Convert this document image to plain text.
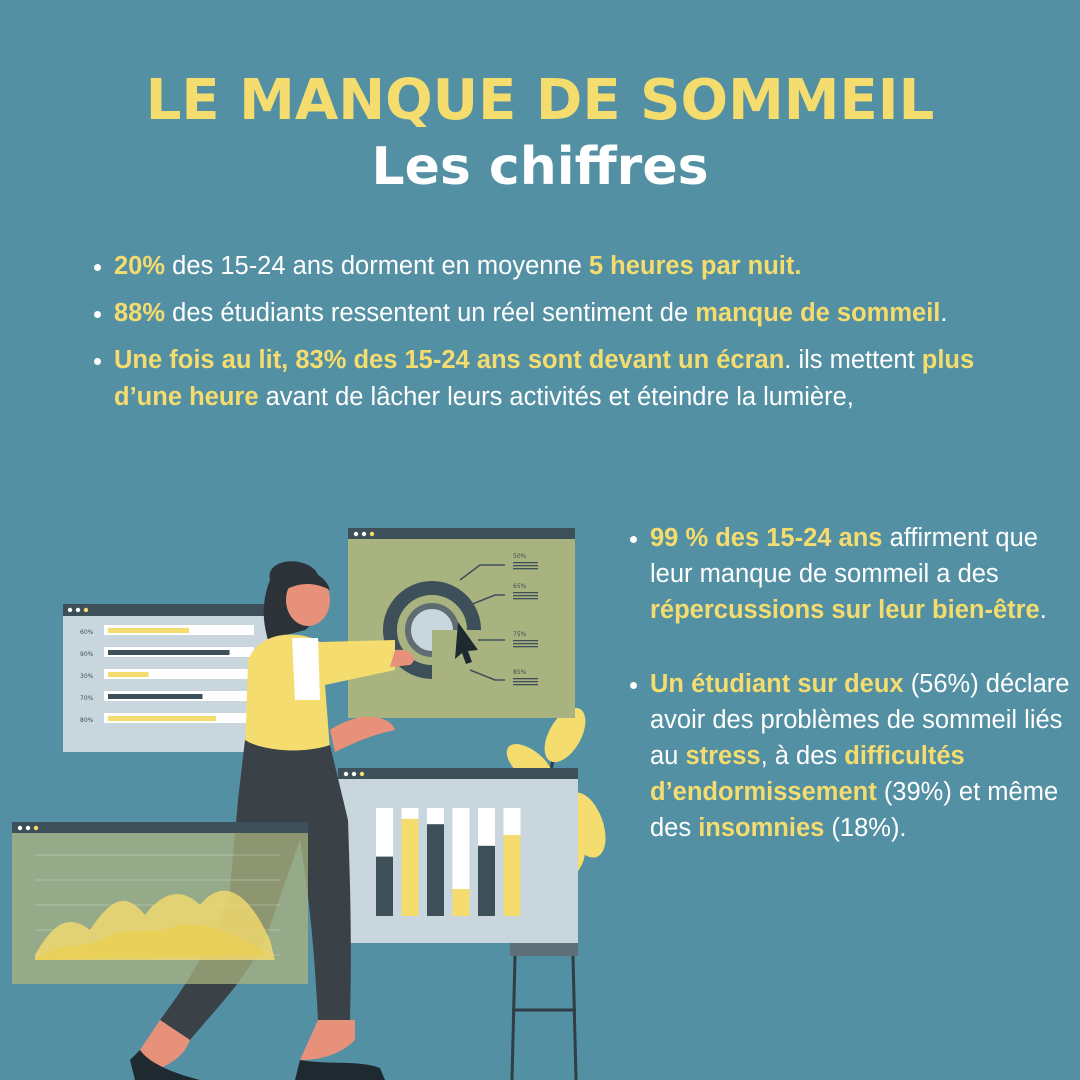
LE MANQUE DE SOMMEIL
Les chiffres
• 20% des 15-24 ans dorment en moyenne 5 heures par nuit.
• 88% des étudiants ressentent un réel sentiment de manque de sommeil.
• Une fois au lit, 83% des 15-24 ans sont devant un écran. ils mettent plus d’une heure avant de lâcher leurs activités et éteindre la lumière,
• 99 % des 15-24 ans affirment que leur manque de sommeil a des répercussions sur leur bien-être.
• Un étudiant sur deux (56%) déclare avoir des problèmes de sommeil liés au stress, à des difficultés d’endormissement (39%) et même des insomnies (18%).
60%
90%
30%
70%
80%
50%
65%
75%
85%
